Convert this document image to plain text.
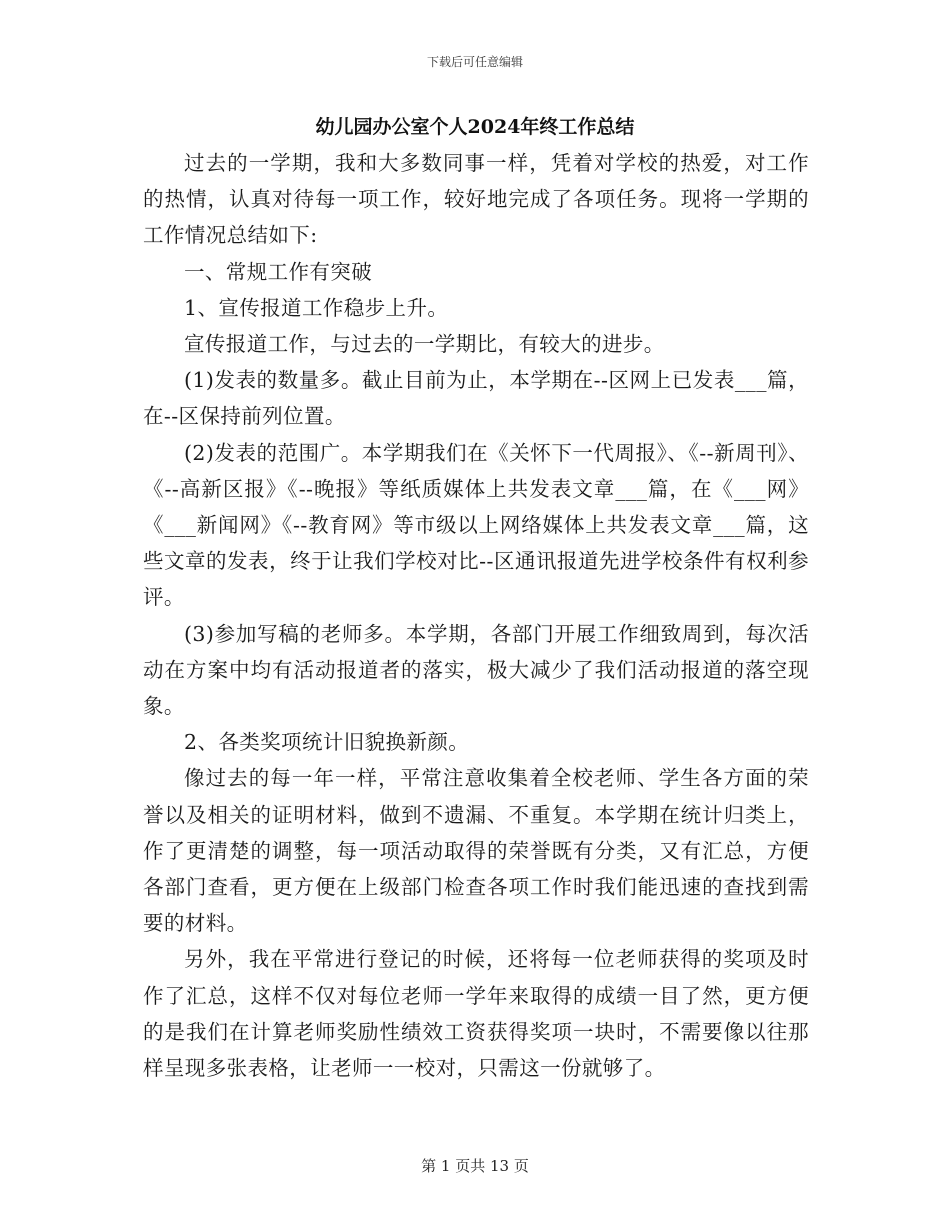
下载后可任意编辑
幼儿园办公室个人2024年终工作总结

过去的一学期，我和大多数同事一样，凭着对学校的热爱，对工作的热情，认真对待每一项工作，较好地完成了各项任务。现将一学期的工作情况总结如下:

一、常规工作有突破

1、宣传报道工作稳步上升。

宣传报道工作，与过去的一学期比，有较大的进步。

(1)发表的数量多。截止目前为止，本学期在--区网上已发表___篇，在--区保持前列位置。

(2)发表的范围广。本学期我们在《关怀下一代周报》、《--新周刊》、《--高新区报》《--晚报》等纸质媒体上共发表文章___篇，在《___网》《___新闻网》《--教育网》等市级以上网络媒体上共发表文章___篇，这些文章的发表，终于让我们学校对比--区通讯报道先进学校条件有权利参评。

(3)参加写稿的老师多。本学期，各部门开展工作细致周到，每次活动在方案中均有活动报道者的落实，极大减少了我们活动报道的落空现象。

2、各类奖项统计旧貌换新颜。

像过去的每一年一样，平常注意收集着全校老师、学生各方面的荣誉以及相关的证明材料，做到不遗漏、不重复。本学期在统计归类上，作了更清楚的调整，每一项活动取得的荣誉既有分类，又有汇总，方便各部门查看，更方便在上级部门检查各项工作时我们能迅速的查找到需要的材料。

另外，我在平常进行登记的时候，还将每一位老师获得的奖项及时作了汇总，这样不仅对每位老师一学年来取得的成绩一目了然，更方便的是我们在计算老师奖励性绩效工资获得奖项一块时，不需要像以往那样呈现多张表格，让老师一一校对，只需这一份就够了。

第 1 页共 13 页
